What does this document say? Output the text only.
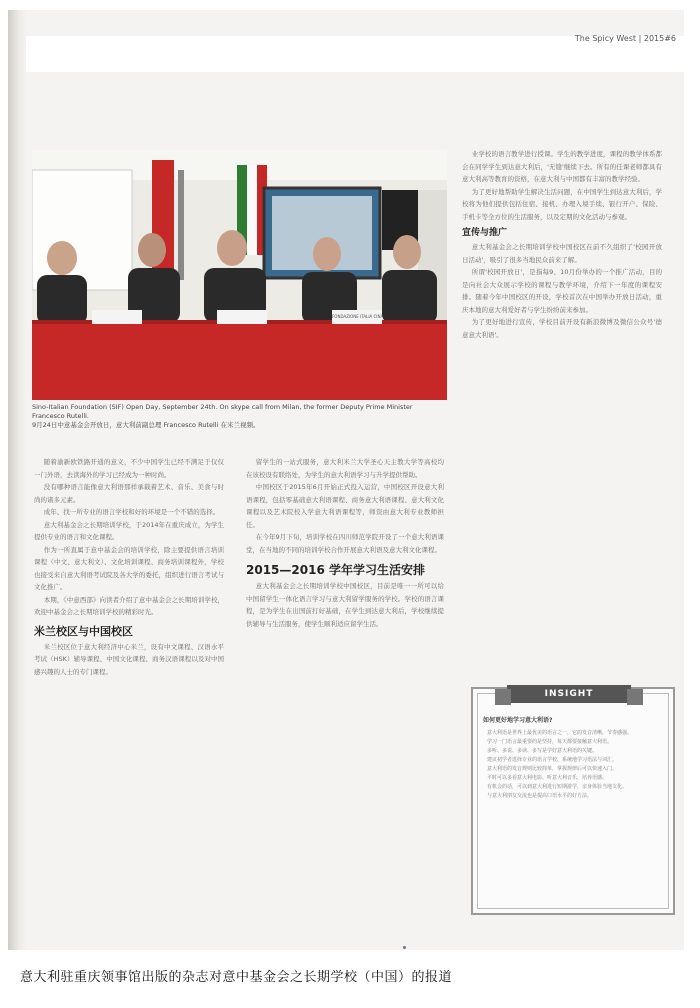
The Spicy West | 2015#6
FONDAZIONE ITALIA CINA
Sino-Italian Foundation (SIF) Open Day, September 24th. On skype call from Milan, the former Deputy Prime Minister Francesco Rutelli.
9月24日中意基金会开放日，意大利前副总理 Francesco Rutelli 在米兰视频。

随着渝新欧铁路开通的意义，不少中国学生已经不满足于仅仅一门外语，去读海外的学习已经成为一种时尚。

没有哪种语言能像意大利语那样承载着艺术、音乐、美食与时尚的诸多元素。

成年、找一所专业的语言学校和好的环境是一个不错的选择。

意大利基金会之长期培训学校，于2014年在重庆成立，为学生提供专业的语言和文化课程。

作为一所直属于意中基金会的培训学校，除主要提供语言培训课程（中文、意大利文）、文化培训课程、商务培训课程外，学校也接受来自意大利语考试院及各大学的委托，组织进行语言考试与文化推广。

本期，《中意西部》向读者介绍了意中基金会之长期培训学校，欢迎中基金会之长期培训学校的精彩时光。

米兰校区与中国校区

米兰校区位于意大利经济中心米兰，设有中文课程、汉语水平考试（HSK）辅导课程、中国文化课程、商务汉语课程以及对中国感兴趣的人士的专门课程。

留学生的一站式服务，意大利米兰大学圣心天主教大学等高校均在该校设有联络处，为学生的意大利语学习与升学提供帮助。

中国校区于2015年6月开始正式投入运营，中国校区开设意大利语课程，包括零基础意大利语课程、商务意大利语课程、意大利文化课程以及艺术院校入学意大利语课程等，师资由意大利专业教师担任。

在今年9月下旬，培训学校在四川师范学院开设了一个意大利语课堂，在当地的不同的培训学校合作开展意大利语及意大利文化课程。

2015—2016 学年学习生活安排

意大利基金会之长期培训学校中国校区，目前是唯一一所可以给中国留学生一体化语言学习与意大利留学服务的学校。学校的语言课程，是为学生在出国前打好基础，在学生到达意大利后，学校继续提供辅导与生活服务，使学生顺利适应留学生活。

业学校的语言教学进行授课。学生的教学进度，课程的教学体系都会在同学学生到达意大利后，'无缝'继续下去。所有的任课老师都具有意大利高等教育的资格，在意大利与中国都有丰富的教学经验。

为了更好地帮助学生解决生活问题，在中国学生到达意大利后，学校将为他们提供包括住宿、接机、办理入境手续、银行开户、保险、手机卡等全方位的生活服务，以及定期的文化活动与参观。

宣传与推广

意大利基金会之长期培训学校中国校区在前不久组织了'校园开放日活动'，吸引了很多当地民众前来了解。

所谓'校园开放日'，是指每9、10月份举办的一个推广活动，目的是向社会大众展示学校的课程与教学环境，介绍下一年度的课程安排。随着今年中国校区的开设，学校首次在中国举办开放日活动，重庆本地的意大利爱好者与学生纷纷前来参加。

为了更好地进行宣传，学校目前开设有新浪微博及微信公众号'德意意大利语'。

INSIGHT
如何更好地学习意大利语?
意大利语是世界上最优美的语言之一，它的发音清晰，节奏感强。
学习一门语言最重要的是坚持，每天都要接触意大利语。
多听、多说、多读、多写是学好意大利语的关键。
建议初学者选择专业的语言学校，系统地学习语法与词汇。
意大利语的发音规则比较简单，掌握规律后可以快速入门。
平时可以多看意大利电影、听意大利音乐，培养语感。
有机会的话，可以到意大利进行短期游学，亲身体验当地文化。
与意大利朋友交流也是提高口语水平的好方法。
意大利驻重庆领事馆出版的杂志对意中基金会之长期学校（中国）的报道
